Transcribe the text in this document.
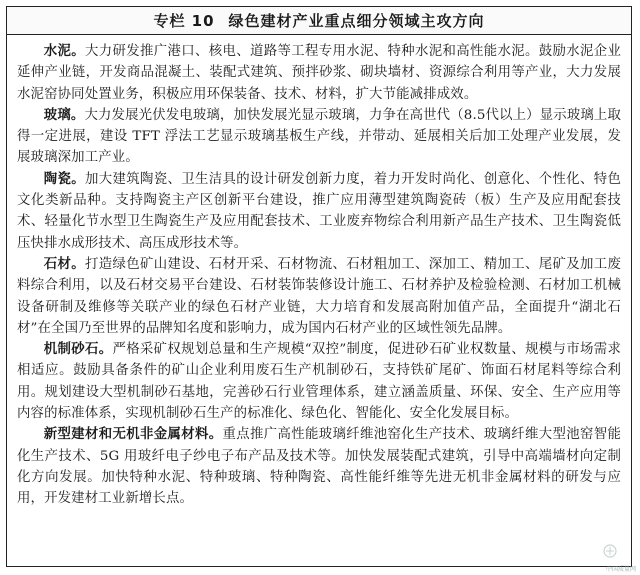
专栏 10 绿色建材产业重点细分领域主攻方向

水泥。大力研发推广港口、核电、道路等工程专用水泥、特种水泥和高性能水泥。鼓励水泥企业延伸产业链，开发商品混凝土、装配式建筑、预拌砂浆、砌块墙材、资源综合利用等产业，大力发展水泥窑协同处置业务，积极应用环保装备、技术、材料，扩大节能减排成效。

玻璃。大力发展光伏发电玻璃，加快发展光显示玻璃，力争在高世代（8.5代以上）显示玻璃上取得一定进展，建设 TFT 浮法工艺显示玻璃基板生产线，并带动、延展相关后加工处理产业发展，发展玻璃深加工产业。

陶瓷。加大建筑陶瓷、卫生洁具的设计研发创新力度，着力开发时尚化、创意化、个性化、特色文化类新品种。支持陶瓷主产区创新平台建设，推广应用薄型建筑陶瓷砖（板）生产及应用配套技术、轻量化节水型卫生陶瓷生产及应用配套技术、工业废弃物综合利用新产品生产技术、卫生陶瓷低压快排水成形技术、高压成形技术等。

石材。打造绿色矿山建设、石材开采、石材物流、石材粗加工、深加工、精加工、尾矿及加工废料综合利用，以及石材交易平台建设、石材装饰装修设计施工、石材养护及检验检测、石材加工机械设备研制及维修等关联产业的绿色石材产业链，大力培育和发展高附加值产品，全面提升“湖北石材”在全国乃至世界的品牌知名度和影响力，成为国内石材产业的区域性领先品牌。

机制砂石。严格采矿权规划总量和生产规模“双控”制度，促进砂石矿业权数量、规模与市场需求相适应。鼓励具备条件的矿山企业利用废石生产机制砂石，支持铁矿尾矿、饰面石材尾料等综合利用。规划建设大型机制砂石基地，完善砂石行业管理体系，建立涵盖质量、环保、安全、生产应用等内容的标准体系，实现机制砂石生产的标准化、绿色化、智能化、安全化发展目标。

新型建材和无机非金属材料。重点推广高性能玻璃纤维池窑化生产技术、玻璃纤维大型池窑智能化生产技术、5G 用玻纤电子纱电子布产品及技术等。加快发展装配式建筑，引导中高端墙材向定制化方向发展。加快特种水泥、特种玻璃、特种陶瓷、高性能纤维等先进无机非金属材料的研发与应用，开发建材工业新增长点。

中国质量网
